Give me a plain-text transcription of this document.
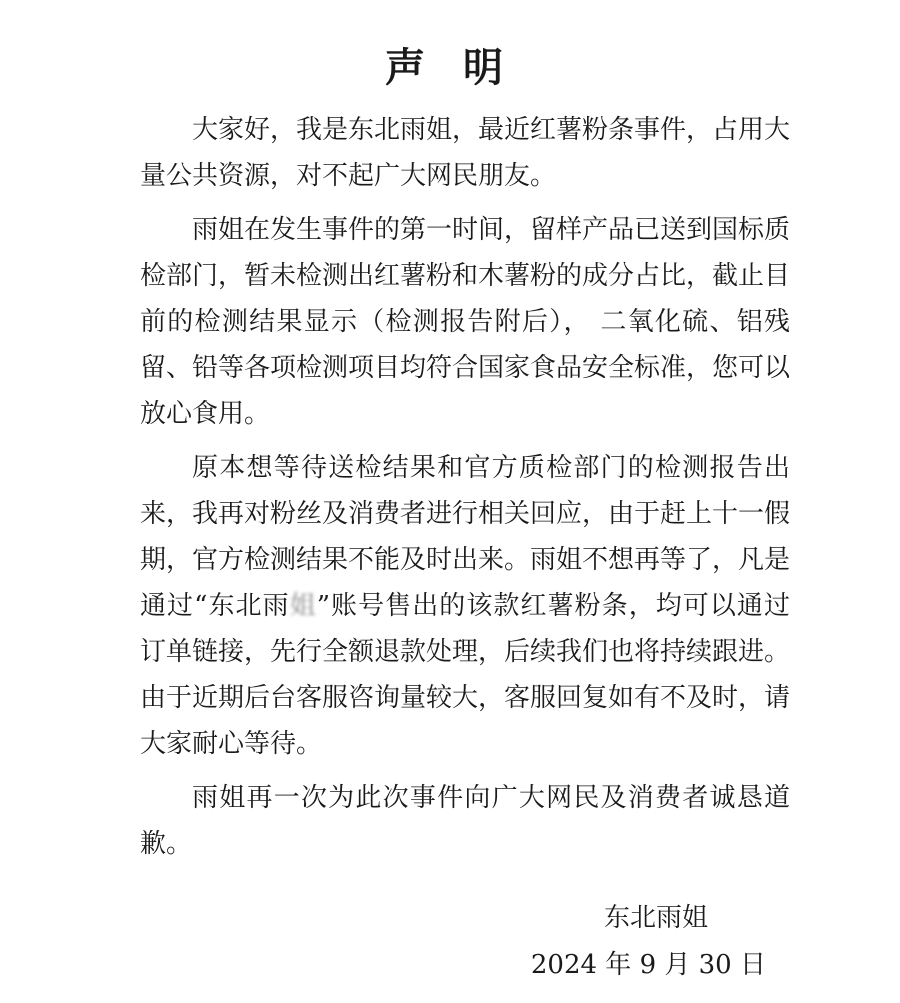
声 明

大家好，我是东北雨姐，最近红薯粉条事件，占用大量公共资源，对不起广大网民朋友。

雨姐在发生事件的第一时间，留样产品已送到国标质检部门，暂未检测出红薯粉和木薯粉的成分占比，截止目前的检测结果显示（检测报告附后）， 二氧化硫、铝残留、铅等各项检测项目均符合国家食品安全标准，您可以放心食用。

原本想等待送检结果和官方质检部门的检测报告出来，我再对粉丝及消费者进行相关回应，由于赶上十一假期，官方检测结果不能及时出来。雨姐不想再等了，凡是通过“东北雨姐”账号售出的该款红薯粉条，均可以通过订单链接，先行全额退款处理，后续我们也将持续跟进。由于近期后台客服咨询量较大，客服回复如有不及时，请大家耐心等待。

雨姐再一次为此次事件向广大网民及消费者诚恳道歉。

东北雨姐
2024 年 9 月 30 日
